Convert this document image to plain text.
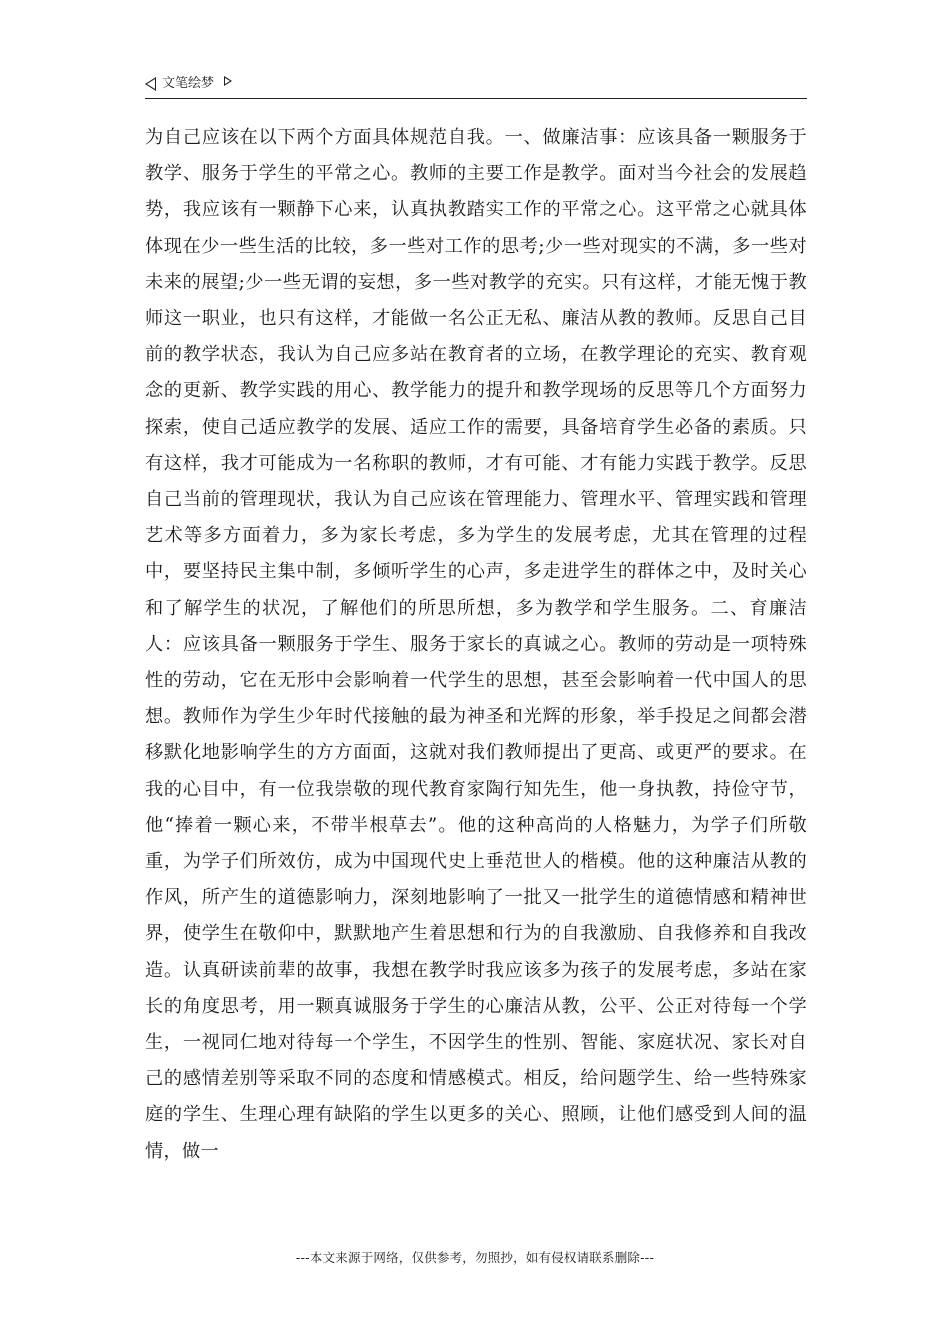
文笔绘梦

为自己应该在以下两个方面具体规范自我。一、做廉洁事：应该具备一颗服务于教学、服务于学生的平常之心。教师的主要工作是教学。面对当今社会的发展趋势，我应该有一颗静下心来，认真执教踏实工作的平常之心。这平常之心就具体体现在少一些生活的比较，多一些对工作的思考;少一些对现实的不满，多一些对未来的展望;少一些无谓的妄想，多一些对教学的充实。只有这样，才能无愧于教师这一职业，也只有这样，才能做一名公正无私、廉洁从教的教师。反思自己目前的教学状态，我认为自己应多站在教育者的立场，在教学理论的充实、教育观念的更新、教学实践的用心、教学能力的提升和教学现场的反思等几个方面努力探索，使自己适应教学的发展、适应工作的需要，具备培育学生必备的素质。只有这样，我才可能成为一名称职的教师，才有可能、才有能力实践于教学。反思自己当前的管理现状，我认为自己应该在管理能力、管理水平、管理实践和管理艺术等多方面着力，多为家长考虑，多为学生的发展考虑，尤其在管理的过程中，要坚持民主集中制，多倾听学生的心声，多走进学生的群体之中，及时关心和了解学生的状况，了解他们的所思所想，多为教学和学生服务。二、育廉洁人：应该具备一颗服务于学生、服务于家长的真诚之心。教师的劳动是一项特殊性的劳动，它在无形中会影响着一代学生的思想，甚至会影响着一代中国人的思想。教师作为学生少年时代接触的最为神圣和光辉的形象，举手投足之间都会潜移默化地影响学生的方方面面，这就对我们教师提出了更高、或更严的要求。在我的心目中，有一位我崇敬的现代教育家陶行知先生，他一身执教，持俭守节，他“捧着一颗心来，不带半根草去”。他的这种高尚的人格魅力，为学子们所敬重，为学子们所效仿，成为中国现代史上垂范世人的楷模。他的这种廉洁从教的作风，所产生的道德影响力，深刻地影响了一批又一批学生的道德情感和精神世界，使学生在敬仰中，默默地产生着思想和行为的自我激励、自我修养和自我改造。认真研读前辈的故事，我想在教学时我应该多为孩子的发展考虑，多站在家长的角度思考，用一颗真诚服务于学生的心廉洁从教，公平、公正对待每一个学生，一视同仁地对待每一个学生，不因学生的性别、智能、家庭状况、家长对自己的感情差别等采取不同的态度和情感模式。相反，给问题学生、给一些特殊家庭的学生、生理心理有缺陷的学生以更多的关心、照顾，让他们感受到人间的温情，做一

---本文来源于网络，仅供参考，勿照抄，如有侵权请联系删除---
